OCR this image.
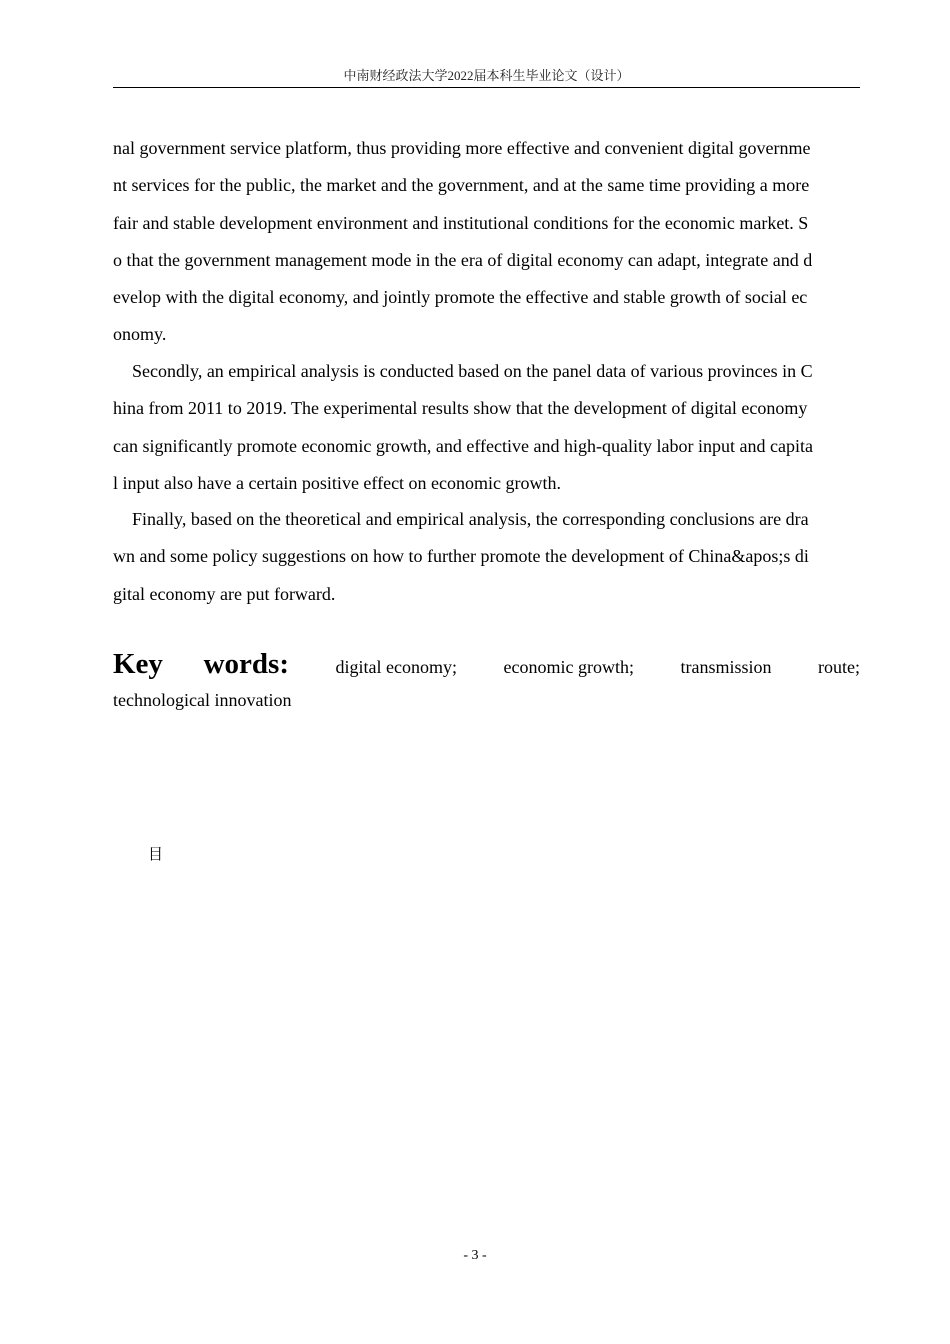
中南财经政法大学2022届本科生毕业论文（设计）
nal government service platform, thus providing more effective and convenient digital governme
nt services for the public, the market and the government, and at the same time providing a more
fair and stable development environment and institutional conditions for the economic market. S
o that the government management mode in the era of digital economy can adapt, integrate and d
evelop with the digital economy, and jointly promote the effective and stable growth of social ec
onomy.
Secondly, an empirical analysis is conducted based on the panel data of various provinces in C
hina from 2011 to 2019. The experimental results show that the development of digital economy
can significantly promote economic growth, and effective and high-quality labor input and capita
l input also have a certain positive effect on economic growth.
Finally, based on the theoretical and empirical analysis, the corresponding conclusions are dra
wn and some policy suggestions on how to further promote the development of China&apos;s di
gital economy are put forward.
Key words:	digital economy;	economic growth;	transmission	route;
technological innovation
目
- 3 -
